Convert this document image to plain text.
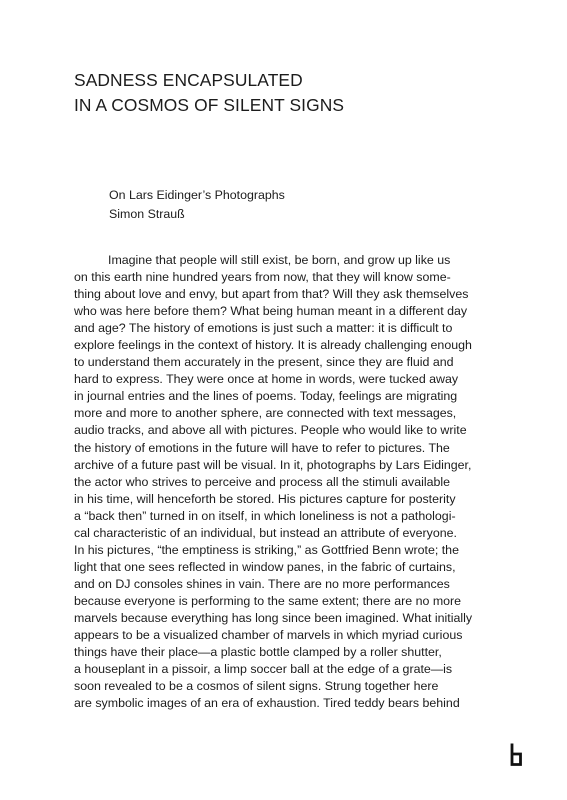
SADNESS ENCAPSULATED
IN A COSMOS OF SILENT SIGNS
On Lars Eidinger’s Photographs
Simon Strauß
Imagine that people will still exist, be born, and grow up like us
on this earth nine hundred years from now, that they will know some-
thing about love and envy, but apart from that? Will they ask themselves
who was here before them? What being human meant in a different day
and age? The history of emotions is just such a matter: it is difficult to
explore feelings in the context of history. It is already challenging enough
to understand them accurately in the present, since they are fluid and
hard to express. They were once at home in words, were tucked away
in journal entries and the lines of poems. Today, feelings are migrating
more and more to another sphere, are connected with text messages,
audio tracks, and above all with pictures. People who would like to write
the history of emotions in the future will have to refer to pictures. The
archive of a future past will be visual. In it, photographs by Lars Eidinger,
the actor who strives to perceive and process all the stimuli available
in his time, will henceforth be stored. His pictures capture for posterity
a “back then” turned in on itself, in which loneliness is not a pathologi-
cal characteristic of an individual, but instead an attribute of everyone.
In his pictures, “the emptiness is striking,” as Gottfried Benn wrote; the
light that one sees reflected in window panes, in the fabric of curtains,
and on DJ consoles shines in vain. There are no more performances
because everyone is performing to the same extent; there are no more
marvels because everything has long since been imagined. What initially
appears to be a visualized chamber of marvels in which myriad curious
things have their place—a plastic bottle clamped by a roller shutter,
a houseplant in a pissoir, a limp soccer ball at the edge of a grate—is
soon revealed to be a cosmos of silent signs. Strung together here
are symbolic images of an era of exhaustion. Tired teddy bears behind
